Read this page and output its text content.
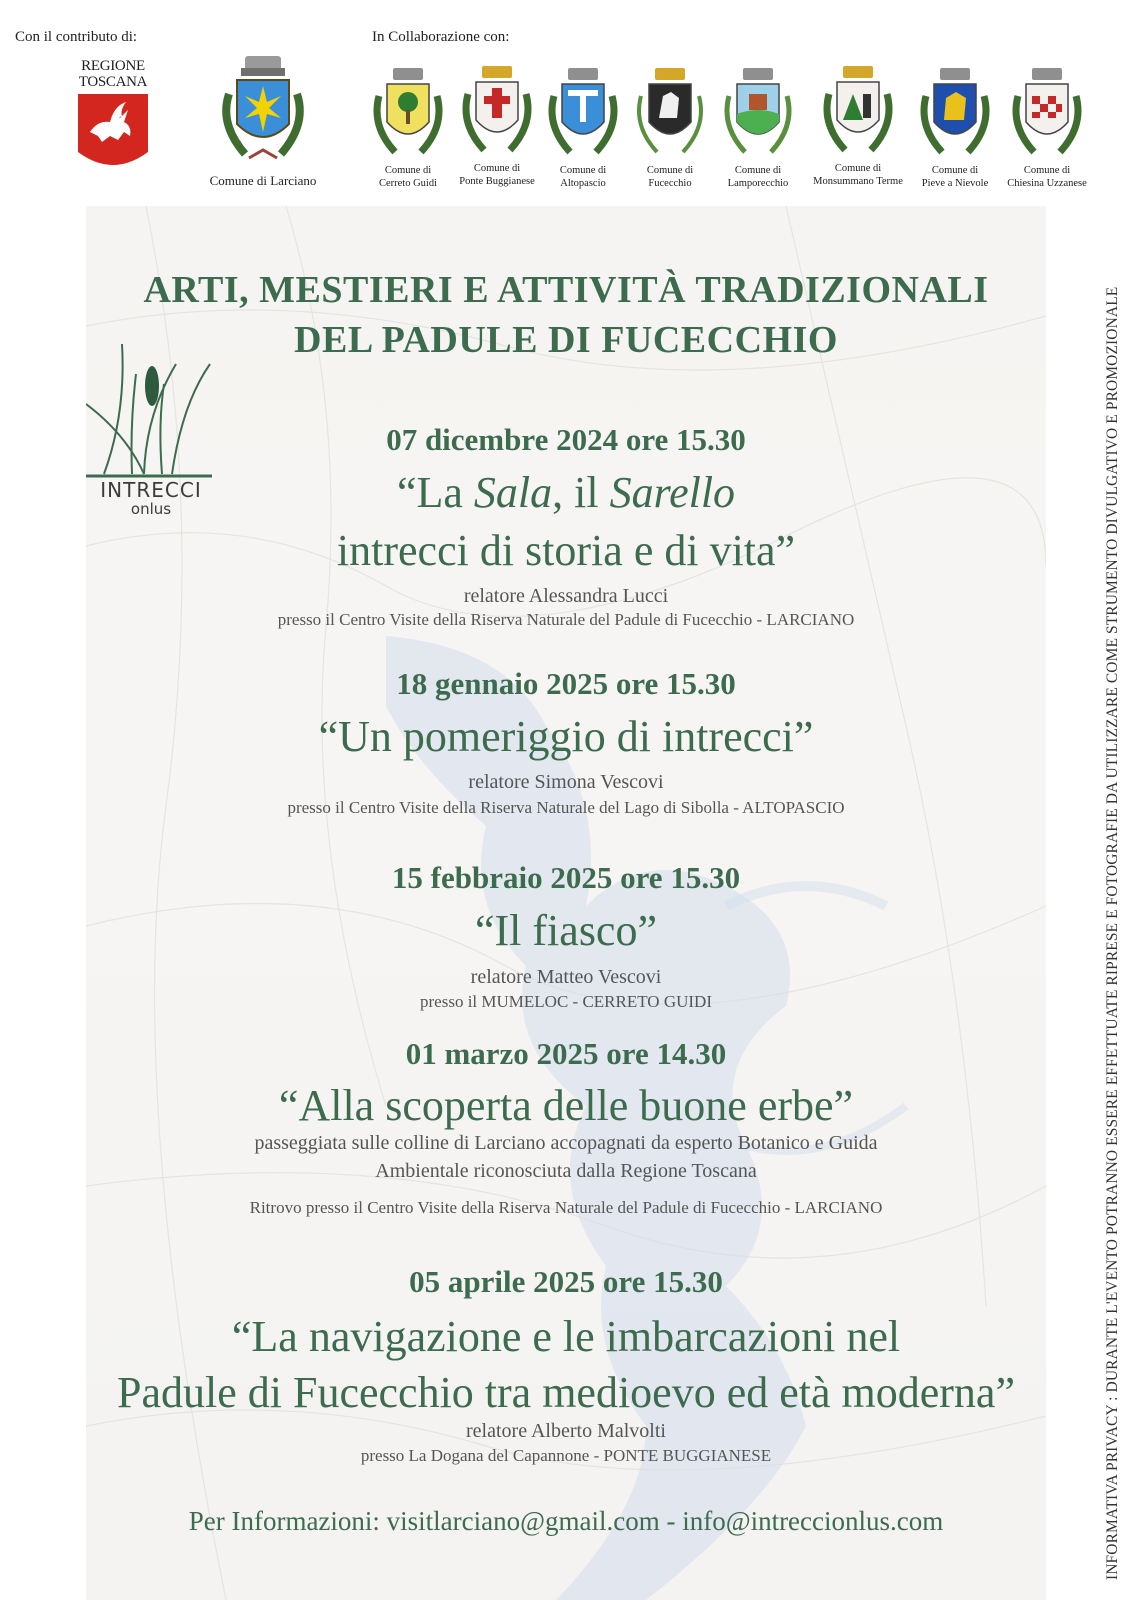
Con il contributo di:	In Collaborazione con:
REGIONE
TOSCANA
Comune di Larciano
Comune di
Cerreto Guidi
Comune di
Ponte Buggianese
Comune di
Altopascio
Comune di
Fucecchio
Comune di
Lamporecchio
Comune di
Monsummano Terme
Comune di
Pieve a Nievole
Comune di
Chiesina Uzzanese
INTRECCI
onlus
ARTI, MESTIERI E ATTIVITÀ TRADIZIONALI
DEL PADULE DI FUCECCHIO
07 dicembre 2024 ore 15.30
“La Sala, il Sarello
intrecci di storia e di vita”
relatore Alessandra Lucci
presso il Centro Visite della Riserva Naturale del Padule di Fucecchio - LARCIANO
18 gennaio 2025 ore 15.30
“Un pomeriggio di intrecci”
relatore Simona Vescovi
presso il Centro Visite della Riserva Naturale del Lago di Sibolla - ALTOPASCIO
15 febbraio 2025 ore 15.30
“Il fiasco”
relatore Matteo Vescovi
presso il MUMELOC - CERRETO GUIDI
01 marzo 2025 ore 14.30
“Alla scoperta delle buone erbe”
passeggiata sulle colline di Larciano accopagnati da esperto Botanico e Guida
Ambientale riconosciuta dalla Regione Toscana
Ritrovo presso il Centro Visite della Riserva Naturale del Padule di Fucecchio - LARCIANO
05 aprile 2025 ore 15.30
“La navigazione e le imbarcazioni nel
Padule di Fucecchio tra medioevo ed età moderna”
relatore Alberto Malvolti
presso La Dogana del Capannone - PONTE BUGGIANESE
Per Informazioni: visitlarciano@gmail.com - info@intreccionlus.com	INFORMATIVA PRIVACY : DURANTE L'EVENTO POTRANNO ESSERE EFFETTUATE RIPRESE E FOTOGRAFIE DA UTILIZZARE COME STRUMENTO DIVULGATIVO E PROMOZIONALE
